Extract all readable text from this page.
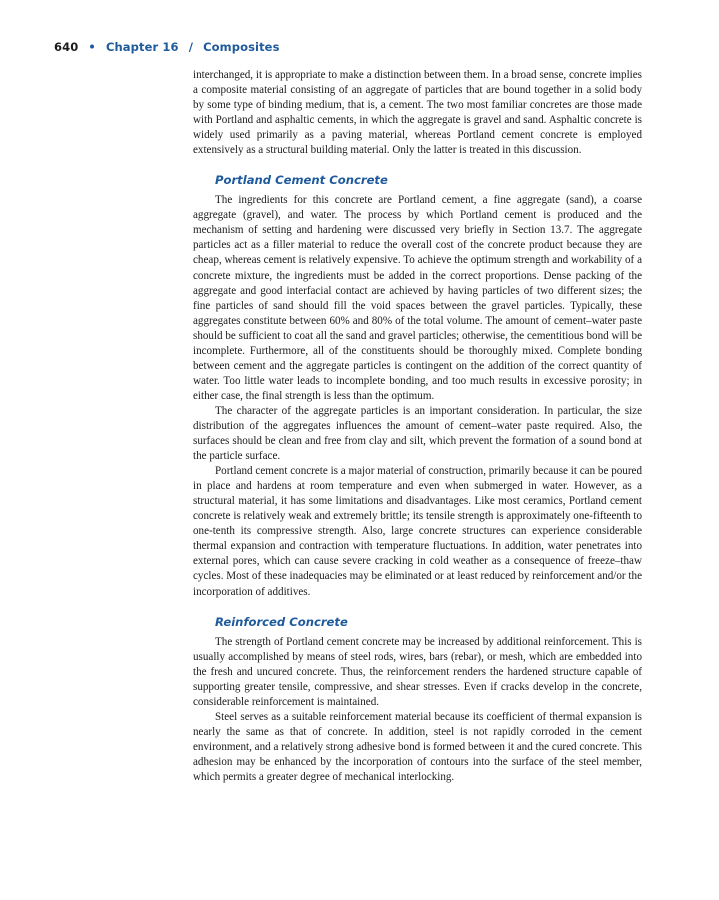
640 • Chapter 16 / Composites

interchanged, it is appropriate to make a distinction between them. In a broad sense, concrete implies a composite material consisting of an aggregate of particles that are bound together in a solid body by some type of binding medium, that is, a cement. The two most familiar concretes are those made with Portland and asphaltic cements, in which the aggregate is gravel and sand. Asphaltic concrete is widely used primarily as a paving material, whereas Portland cement concrete is employed extensively as a structural building material. Only the latter is treated in this discussion.

Portland Cement Concrete

The ingredients for this concrete are Portland cement, a fine aggregate (sand), a coarse aggregate (gravel), and water. The process by which Portland cement is produced and the mechanism of setting and hardening were discussed very briefly in Section 13.7. The aggregate particles act as a filler material to reduce the overall cost of the concrete product because they are cheap, whereas cement is relatively expensive. To achieve the optimum strength and workability of a concrete mixture, the ingredients must be added in the correct proportions. Dense packing of the aggregate and good interfacial contact are achieved by having particles of two different sizes; the fine particles of sand should fill the void spaces between the gravel particles. Typically, these aggregates constitute between 60% and 80% of the total volume. The amount of cement–water paste should be sufficient to coat all the sand and gravel particles; otherwise, the cementitious bond will be incomplete. Furthermore, all of the constituents should be thoroughly mixed. Complete bonding between cement and the aggregate particles is contingent on the addition of the correct quantity of water. Too little water leads to incomplete bonding, and too much results in excessive porosity; in either case, the final strength is less than the optimum.

The character of the aggregate particles is an important consideration. In particular, the size distribution of the aggregates influences the amount of cement–water paste required. Also, the surfaces should be clean and free from clay and silt, which prevent the formation of a sound bond at the particle surface.

Portland cement concrete is a major material of construction, primarily because it can be poured in place and hardens at room temperature and even when submerged in water. However, as a structural material, it has some limitations and disadvantages. Like most ceramics, Portland cement concrete is relatively weak and extremely brittle; its tensile strength is approximately one-fifteenth to one-tenth its compressive strength. Also, large concrete structures can experience considerable thermal expansion and contraction with temperature fluctuations. In addition, water penetrates into external pores, which can cause severe cracking in cold weather as a consequence of freeze–thaw cycles. Most of these inadequacies may be eliminated or at least reduced by reinforcement and/or the incorporation of additives.

Reinforced Concrete

The strength of Portland cement concrete may be increased by additional reinforcement. This is usually accomplished by means of steel rods, wires, bars (rebar), or mesh, which are embedded into the fresh and uncured concrete. Thus, the reinforcement renders the hardened structure capable of supporting greater tensile, compressive, and shear stresses. Even if cracks develop in the concrete, considerable reinforcement is maintained.

Steel serves as a suitable reinforcement material because its coefficient of thermal expansion is nearly the same as that of concrete. In addition, steel is not rapidly corroded in the cement environment, and a relatively strong adhesive bond is formed between it and the cured concrete. This adhesion may be enhanced by the incorporation of contours into the surface of the steel member, which permits a greater degree of mechanical interlocking.
